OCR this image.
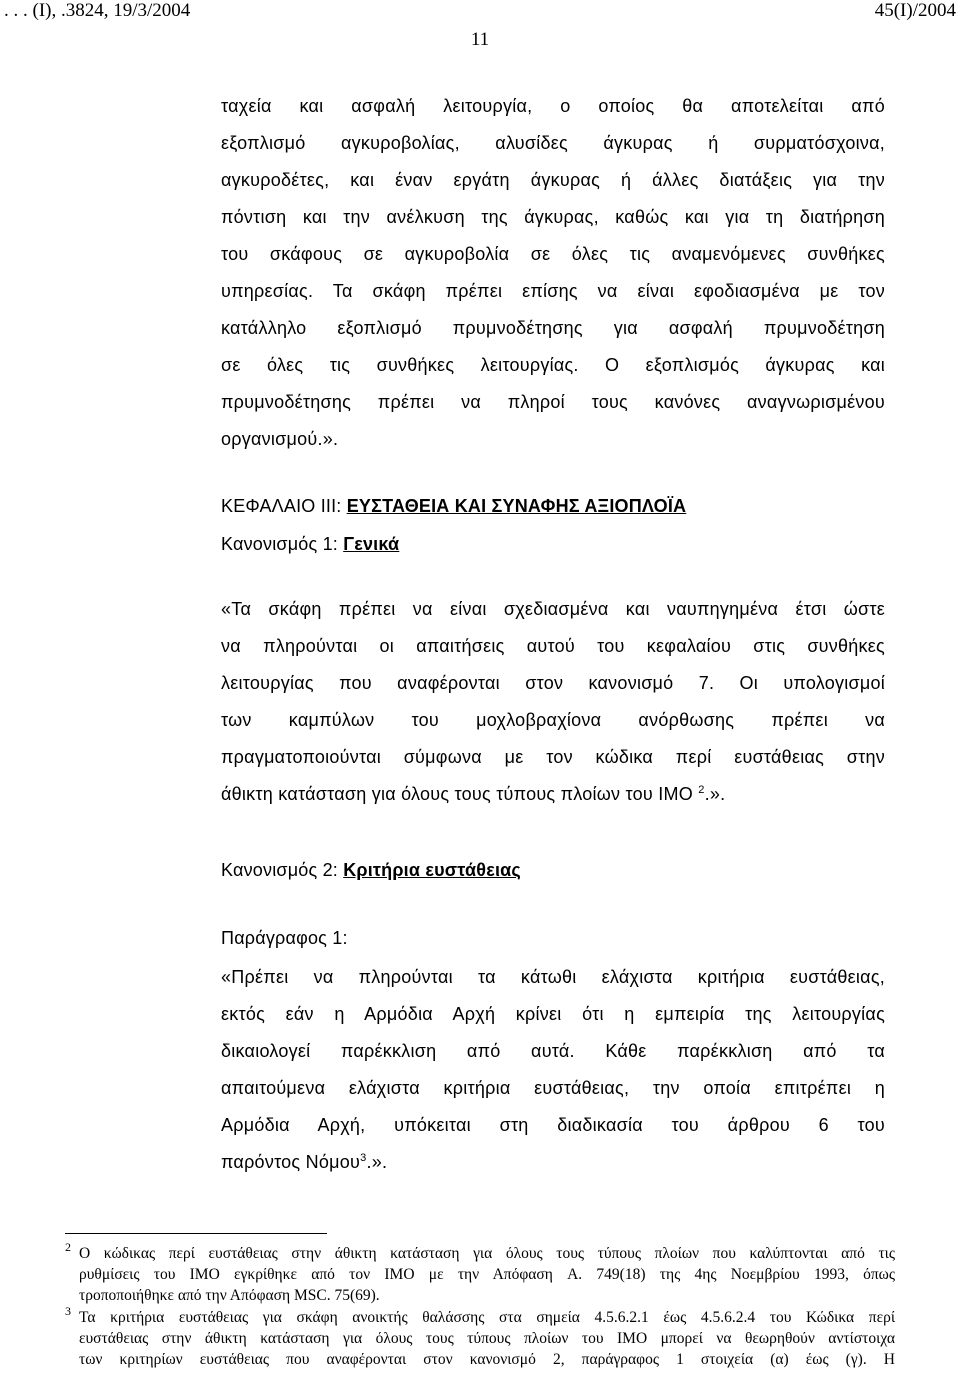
. . . (I), .3824, 19/3/2004	45(I)/2004
11
ταχεία και ασφαλή λειτουργία, ο οποίος θα αποτελείται από
εξοπλισμό αγκυροβολίας, αλυσίδες άγκυρας ή συρματόσχοινα,
αγκυροδέτες, και έναν εργάτη άγκυρας ή άλλες διατάξεις για την
πόντιση και την ανέλκυση της άγκυρας, καθώς και για τη διατήρηση
του σκάφους σε αγκυροβολία σε όλες τις αναμενόμενες συνθήκες
υπηρεσίας. Τα σκάφη πρέπει επίσης να είναι εφοδιασμένα με τον
κατάλληλο εξοπλισμό πρυμνοδέτησης για ασφαλή πρυμνοδέτηση
σε όλες τις συνθήκες λειτουργίας. Ο εξοπλισμός άγκυρας και
πρυμνοδέτησης πρέπει να πληροί τους κανόνες αναγνωρισμένου
οργανισμού.».
ΚΕΦΑΛΑΙΟ III: ΕΥΣΤΑΘΕΙΑ ΚΑΙ ΣΥΝΑΦΗΣ ΑΞΙΟΠΛΟΪΑ
Κανονισμός 1: Γενικά
«Τα σκάφη πρέπει να είναι σχεδιασμένα και ναυπηγημένα έτσι ώστε
να πληρούνται οι απαιτήσεις αυτού του κεφαλαίου στις συνθήκες
λειτουργίας που αναφέρονται στον κανονισμό 7. Οι υπολογισμοί
των καμπύλων του μοχλοβραχίονα ανόρθωσης πρέπει να
πραγματοποιούνται σύμφωνα με τον κώδικα περί ευστάθειας στην
άθικτη κατάσταση για όλους τους τύπους πλοίων του IMO $^2$.».
Κανονισμός 2: Κριτήρια ευστάθειας
Παράγραφος 1:
«Πρέπει να πληρούνται τα κάτωθι ελάχιστα κριτήρια ευστάθειας,
εκτός εάν η Αρμόδια Αρχή κρίνει ότι η εμπειρία της λειτουργίας
δικαιολογεί παρέκκλιση από αυτά. Κάθε παρέκκλιση από τα
απαιτούμενα ελάχιστα κριτήρια ευστάθειας, την οποία επιτρέπει η
Αρμόδια Αρχή, υπόκειται στη διαδικασία του άρθρου 6 του
παρόντος Νόμου$^3$.».
2 Ο κώδικας περί ευστάθειας στην άθικτη κατάσταση για όλους τους τύπους πλοίων που καλύπτονται από τις
ρυθμίσεις του IMO εγκρίθηκε από τον IMO με την Απόφαση A. 749(18) της 4ης Νοεμβρίου 1993, όπως
τροποποιήθηκε από την Απόφαση MSC. 75(69).
3 Τα κριτήρια ευστάθειας για σκάφη ανοικτής θαλάσσης στα σημεία 4.5.6.2.1 έως 4.5.6.2.4 του Κώδικα περί
ευστάθειας στην άθικτη κατάσταση για όλους τους τύπους πλοίων του IMO μπορεί να θεωρηθούν αντίστοιχα
των κριτηρίων ευστάθειας που αναφέρονται στον κανονισμό 2, παράγραφος 1 στοιχεία (α) έως (γ). Η
